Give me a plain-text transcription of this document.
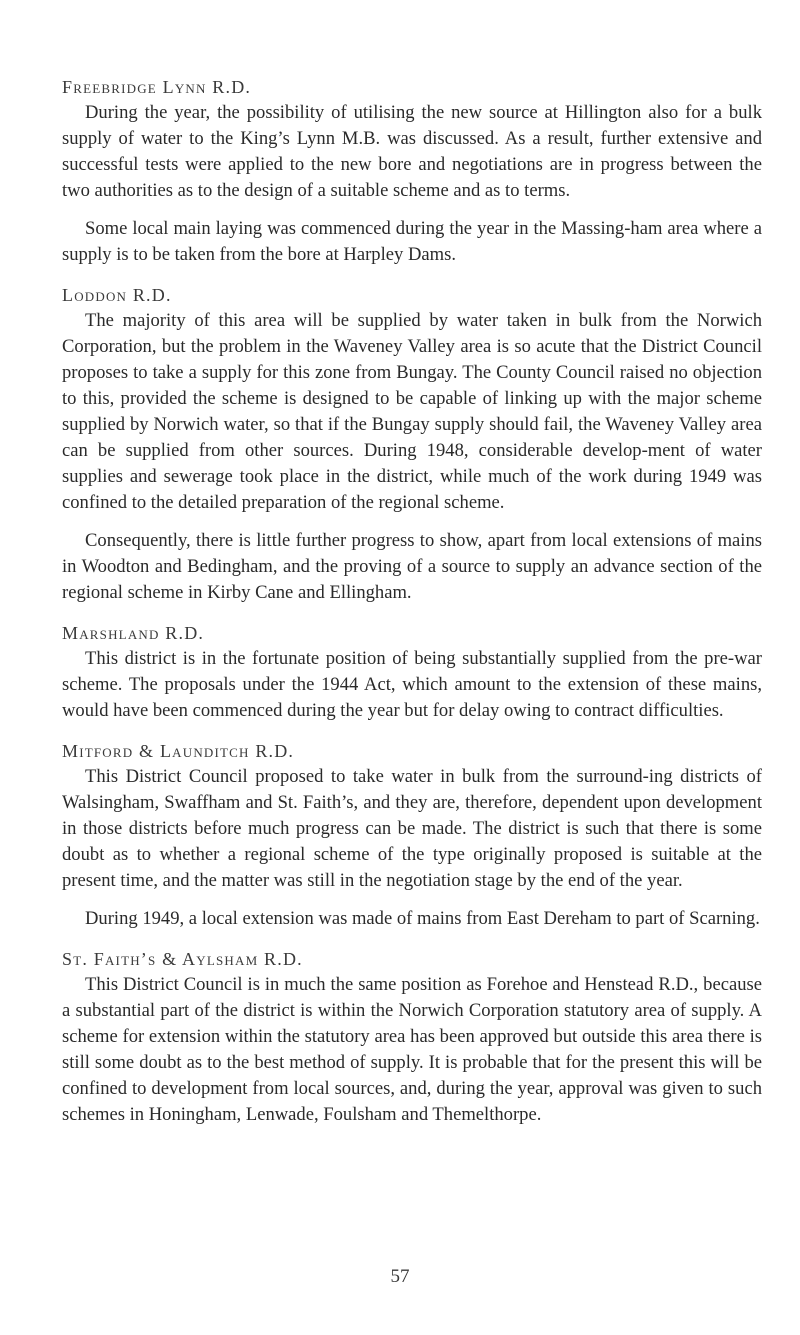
Freebridge Lynn R.D.

During the year, the possibility of utilising the new source at Hillington also for a bulk supply of water to the King’s Lynn M.B. was discussed. As a result, further extensive and successful tests were applied to the new bore and negotiations are in progress between the two authorities as to the design of a suitable scheme and as to terms.

Some local main laying was commenced during the year in the Massing-ham area where a supply is to be taken from the bore at Harpley Dams.

Loddon R.D.

The majority of this area will be supplied by water taken in bulk from the Norwich Corporation, but the problem in the Waveney Valley area is so acute that the District Council proposes to take a supply for this zone from Bungay. The County Council raised no objection to this, provided the scheme is designed to be capable of linking up with the major scheme supplied by Norwich water, so that if the Bungay supply should fail, the Waveney Valley area can be supplied from other sources. During 1948, considerable develop-ment of water supplies and sewerage took place in the district, while much of the work during 1949 was confined to the detailed preparation of the regional scheme.

Consequently, there is little further progress to show, apart from local extensions of mains in Woodton and Bedingham, and the proving of a source to supply an advance section of the regional scheme in Kirby Cane and Ellingham.

Marshland R.D.

This district is in the fortunate position of being substantially supplied from the pre-war scheme. The proposals under the 1944 Act, which amount to the extension of these mains, would have been commenced during the year but for delay owing to contract difficulties.

Mitford & Launditch R.D.

This District Council proposed to take water in bulk from the surround-ing districts of Walsingham, Swaffham and St. Faith’s, and they are, therefore, dependent upon development in those districts before much progress can be made. The district is such that there is some doubt as to whether a regional scheme of the type originally proposed is suitable at the present time, and the matter was still in the negotiation stage by the end of the year.

During 1949, a local extension was made of mains from East Dereham to part of Scarning.

St. Faith’s & Aylsham R.D.

This District Council is in much the same position as Forehoe and Henstead R.D., because a substantial part of the district is within the Norwich Corporation statutory area of supply. A scheme for extension within the statutory area has been approved but outside this area there is still some doubt as to the best method of supply. It is probable that for the present this will be confined to development from local sources, and, during the year, approval was given to such schemes in Honingham, Lenwade, Foulsham and Themelthorpe.

57
